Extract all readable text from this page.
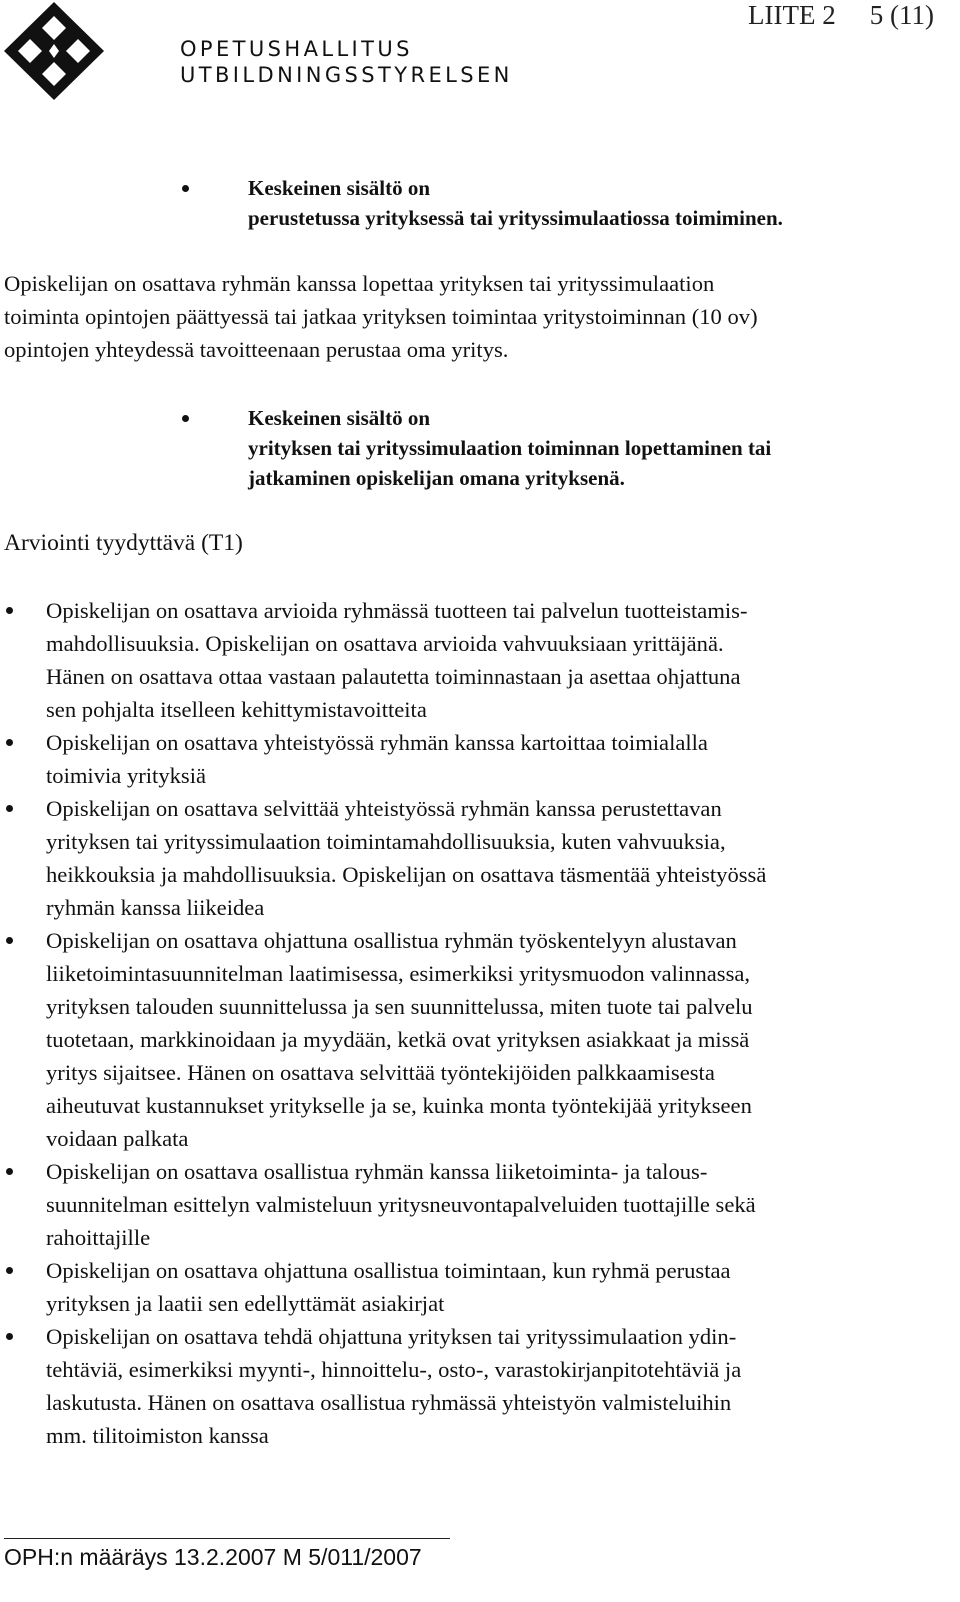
OPETUSHALLITUS
UTBILDNINGSSTYRELSEN
LIITE 2 5 (11)
Keskeinen sisältö on
perustetussa yrityksessä tai yrityssimulaatiossa toimiminen.
Opiskelijan on osattava ryhmän kanssa lopettaa yrityksen tai yrityssimulaation
toiminta opintojen päättyessä tai jatkaa yrityksen toimintaa yritystoiminnan (10 ov)
opintojen yhteydessä tavoitteenaan perustaa oma yritys.
Keskeinen sisältö on
yrityksen tai yrityssimulaation toiminnan lopettaminen tai
jatkaminen opiskelijan omana yrityksenä.
Arviointi tyydyttävä (T1)
Opiskelijan on osattava arvioida ryhmässä tuotteen tai palvelun tuotteistamis-
mahdollisuuksia. Opiskelijan on osattava arvioida vahvuuksiaan yrittäjänä.
Hänen on osattava ottaa vastaan palautetta toiminnastaan ja asettaa ohjattuna
sen pohjalta itselleen kehittymistavoitteita
Opiskelijan on osattava yhteistyössä ryhmän kanssa kartoittaa toimialalla
toimivia yrityksiä
Opiskelijan on osattava selvittää yhteistyössä ryhmän kanssa perustettavan
yrityksen tai yrityssimulaation toimintamahdollisuuksia, kuten vahvuuksia,
heikkouksia ja mahdollisuuksia. Opiskelijan on osattava täsmentää yhteistyössä
ryhmän kanssa liikeidea
Opiskelijan on osattava ohjattuna osallistua ryhmän työskentelyyn alustavan
liiketoimintasuunnitelman laatimisessa, esimerkiksi yritysmuodon valinnassa,
yrityksen talouden suunnittelussa ja sen suunnittelussa, miten tuote tai palvelu
tuotetaan, markkinoidaan ja myydään, ketkä ovat yrityksen asiakkaat ja missä
yritys sijaitsee. Hänen on osattava selvittää työntekijöiden palkkaamisesta
aiheutuvat kustannukset yritykselle ja se, kuinka monta työntekijää yritykseen
voidaan palkata
Opiskelijan on osattava osallistua ryhmän kanssa liiketoiminta- ja talous-
suunnitelman esittelyn valmisteluun yritysneuvontapalveluiden tuottajille sekä
rahoittajille
Opiskelijan on osattava ohjattuna osallistua toimintaan, kun ryhmä perustaa
yrityksen ja laatii sen edellyttämät asiakirjat
Opiskelijan on osattava tehdä ohjattuna yrityksen tai yrityssimulaation ydin-
tehtäviä, esimerkiksi myynti-, hinnoittelu-, osto-, varastokirjanpitotehtäviä ja
laskutusta. Hänen on osattava osallistua ryhmässä yhteistyön valmisteluihin
mm. tilitoimiston kanssa
OPH:n määräys 13.2.2007 M 5/011/2007
